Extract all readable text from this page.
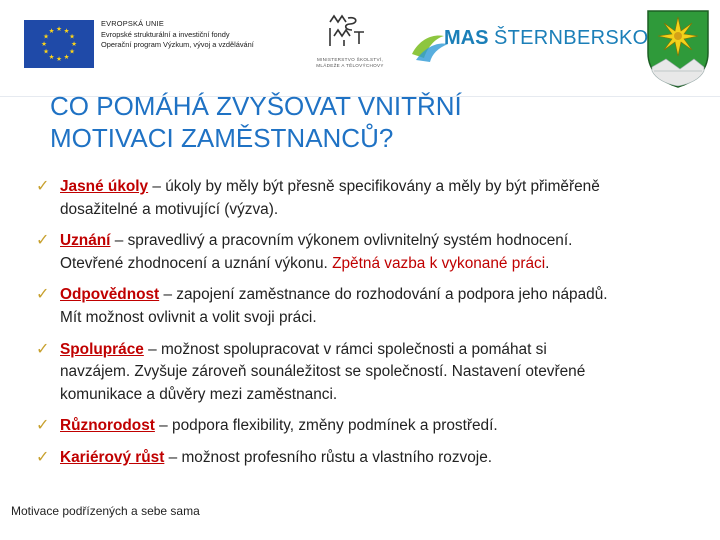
★
★
★
★
★
★
★
★
★ ★ ★
★
EVROPSKÁ UNIE
Evropské strukturální a investiční fondy
Operační program Výzkum, vývoj a vzdělávání
MINISTERSTVO ŠKOLSTVÍ,
MLÁDEŽE A TĚLOVÝCHOVY
MAS ŠTERNBERSKO
CO POMÁHÁ ZVYŠOVAT VNITŘNÍ
MOTIVACI ZAMĚSTNANCŮ?
✓ Jasné úkoly – úkoly by měly být přesně specifikovány a měly by být přiměřeně
dosažitelné a motivující (výzva).
✓ Uznání – spravedlivý a pracovním výkonem ovlivnitelný systém hodnocení.
Otevřené zhodnocení a uznání výkonu. Zpětná vazba k vykonané práci.
✓ Odpovědnost – zapojení zaměstnance do rozhodování a podpora jeho nápadů.
Mít možnost ovlivnit a volit svoji práci.
✓ Spolupráce – možnost spolupracovat v rámci společnosti a pomáhat si
navzájem. Zvyšuje zároveň sounáležitost se společností. Nastavení otevřené
komunikace a důvěry mezi zaměstnanci.
✓ Různorodost – podpora flexibility, změny podmínek a prostředí.
✓ Kariérový růst – možnost profesního růstu a vlastního rozvoje.
Motivace podřízených a sebe sama
